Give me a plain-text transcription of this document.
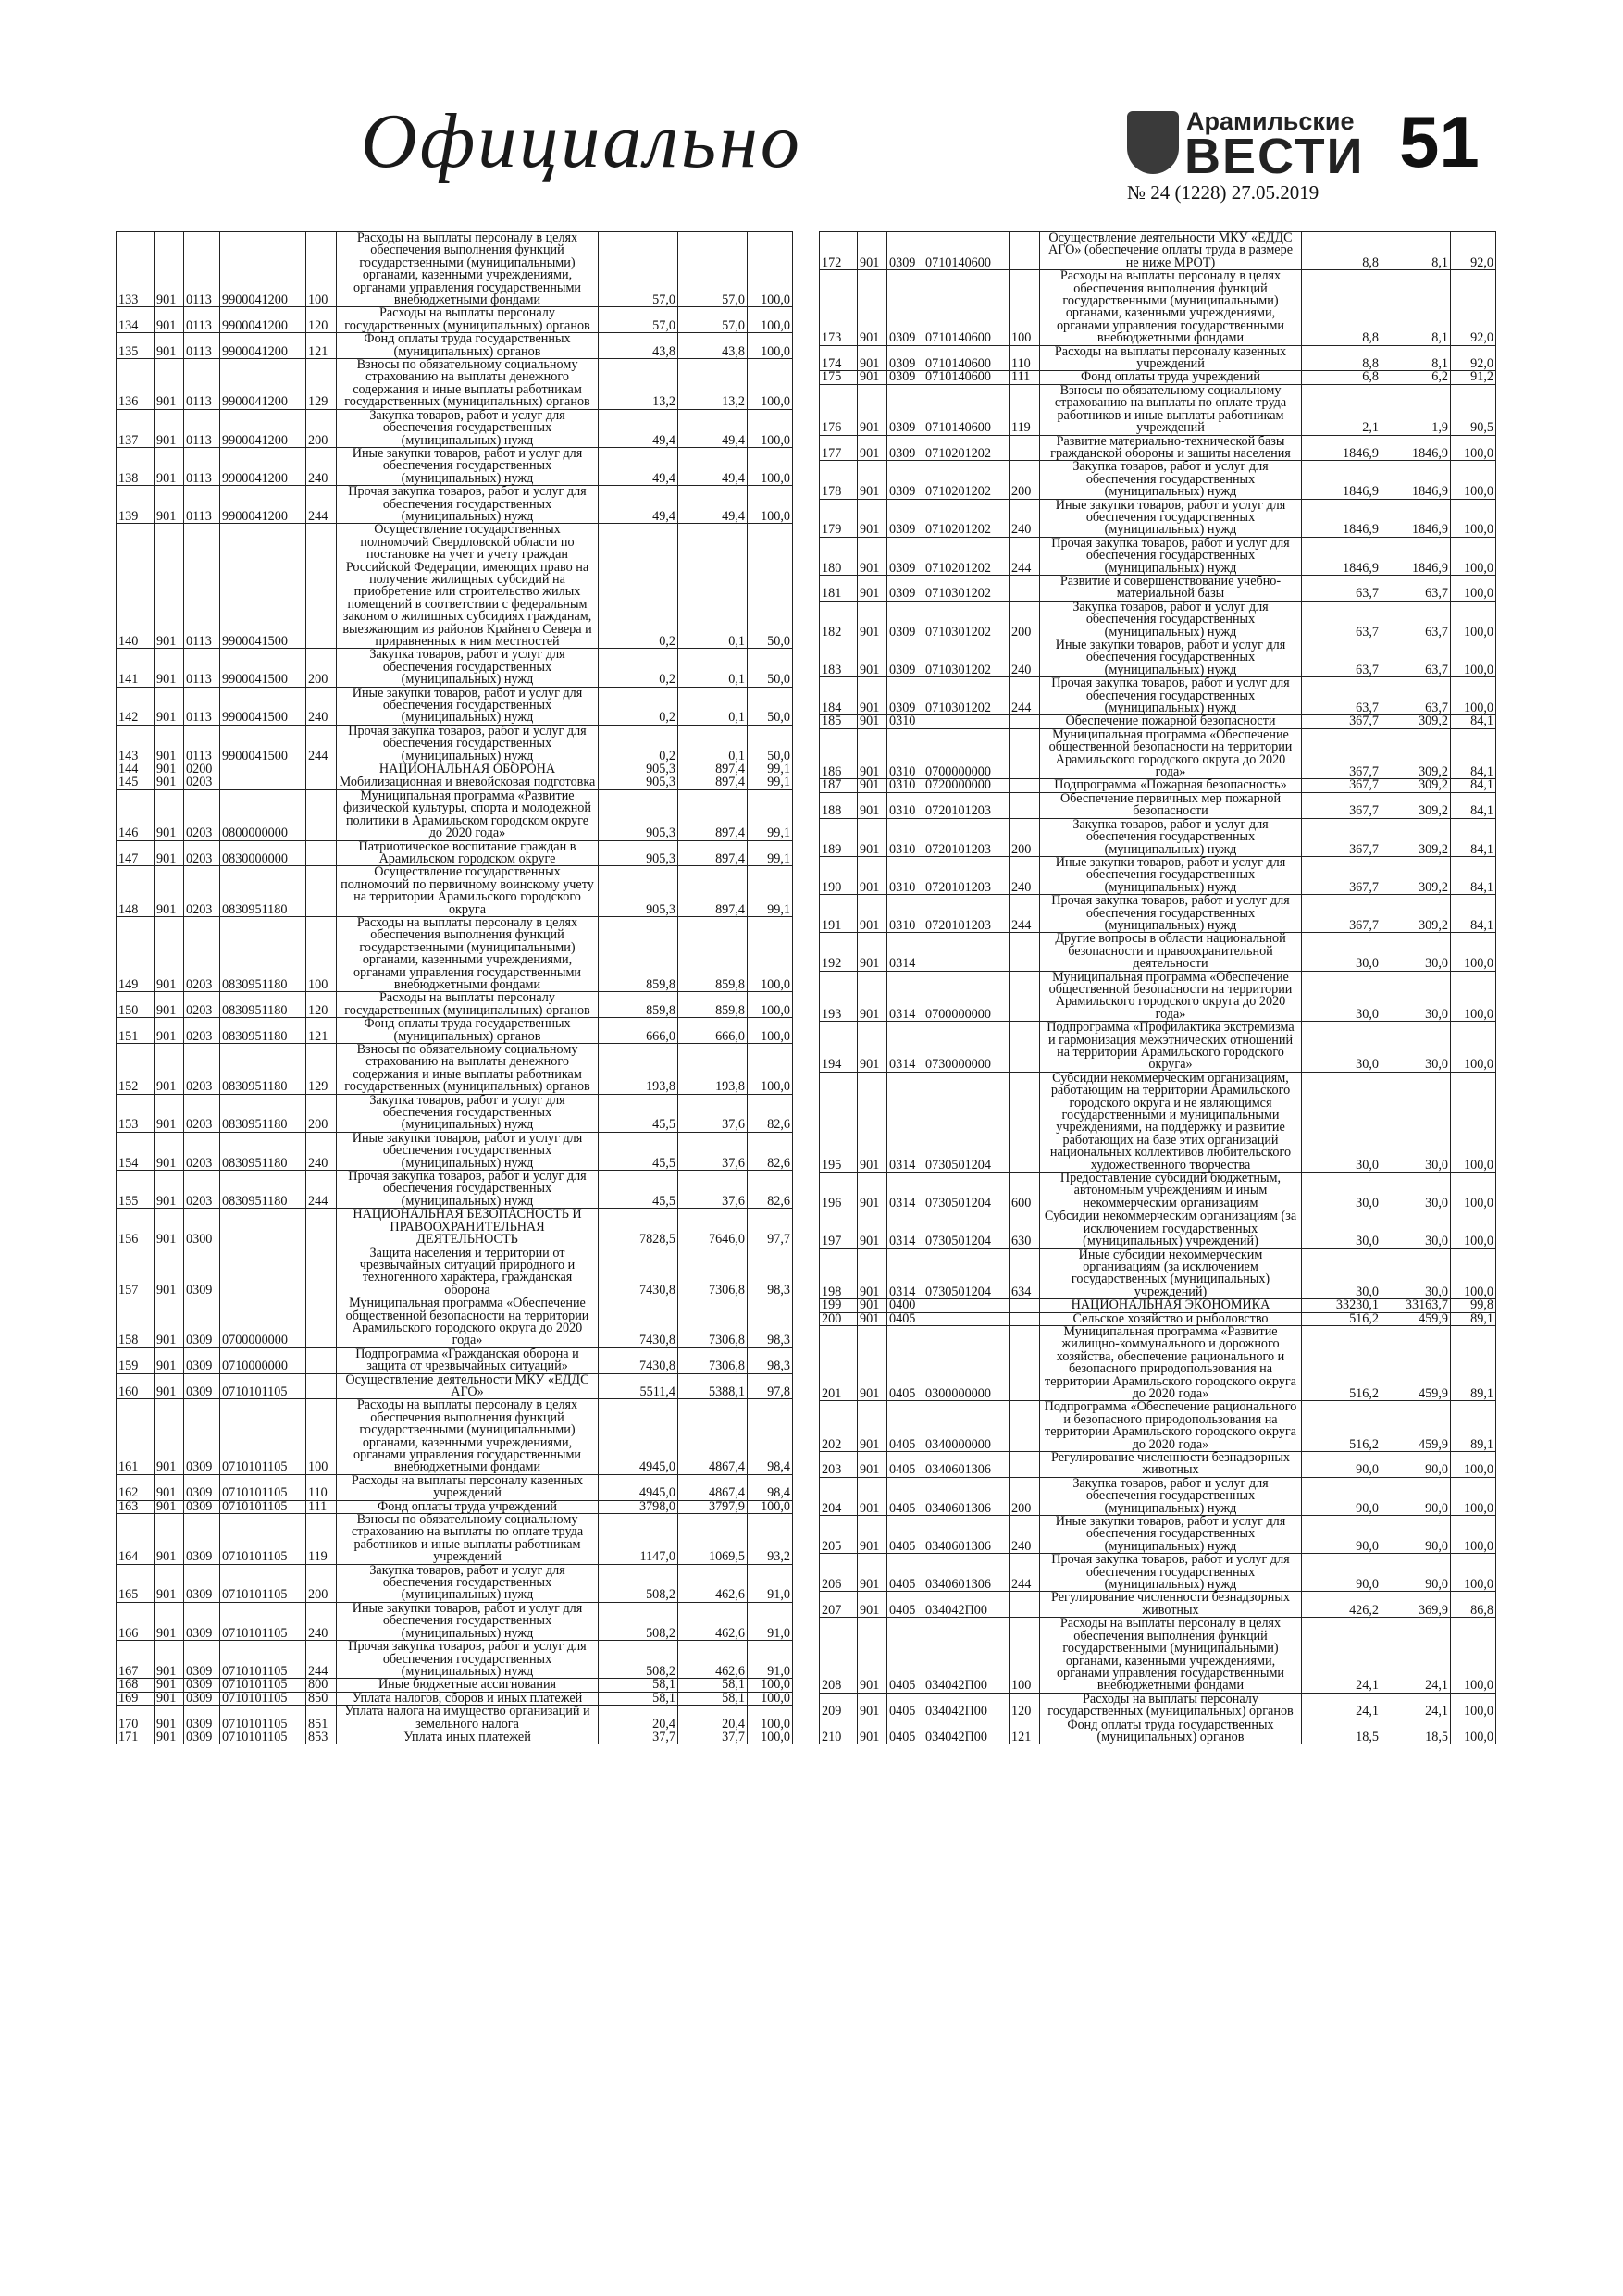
Официально	Арамильские
ВЕСТИ 51
№ 24 (1228) 27.05.2019
133	901	0113	9900041200	100	Расходы на выплаты персоналу в целях обеспечения выполнения функций государственными (муниципальными) органами, казенными учреждениями, органами управления государственными внебюджетными фондами	57,0	57,0	100,0
134	901	0113	9900041200	120	Расходы на выплаты персоналу государственных (муниципальных) органов	57,0	57,0	100,0
135	901	0113	9900041200	121	Фонд оплаты труда государственных (муниципальных) органов	43,8	43,8	100,0
136	901	0113	9900041200	129	Взносы по обязательному социальному страхованию на выплаты денежного содержания и иные выплаты работникам государственных (муниципальных) органов	13,2	13,2	100,0
137	901	0113	9900041200	200	Закупка товаров, работ и услуг для обеспечения государственных (муниципальных) нужд	49,4	49,4	100,0
138	901	0113	9900041200	240	Иные закупки товаров, работ и услуг для обеспечения государственных (муниципальных) нужд	49,4	49,4	100,0
139	901	0113	9900041200	244	Прочая закупка товаров, работ и услуг для обеспечения государственных (муниципальных) нужд	49,4	49,4	100,0
140	901	0113	9900041500		Осуществление государственных полномочий Свердловской области по постановке на учет и учету граждан Российской Федерации, имеющих право на получение жилищных субсидий на приобретение или строительство жилых помещений в соответствии с федеральным законом о жилищных субсидиях гражданам, выезжающим из районов Крайнего Севера и приравненных к ним местностей	0,2	0,1	50,0
141	901	0113	9900041500	200	Закупка товаров, работ и услуг для обеспечения государственных (муниципальных) нужд	0,2	0,1	50,0
142	901	0113	9900041500	240	Иные закупки товаров, работ и услуг для обеспечения государственных (муниципальных) нужд	0,2	0,1	50,0
143	901	0113	9900041500	244	Прочая закупка товаров, работ и услуг для обеспечения государственных (муниципальных) нужд	0,2	0,1	50,0
144	901	0200			НАЦИОНАЛЬНАЯ ОБОРОНА	905,3	897,4	99,1
145	901	0203			Мобилизационная и вневойсковая подготовка	905,3	897,4	99,1
146	901	0203	0800000000		Муниципальная программа «Развитие физической культуры, спорта и молодежной политики в Арамильском городском округе до 2020 года»	905,3	897,4	99,1
147	901	0203	0830000000		Патриотическое воспитание граждан в Арамильском городском округе	905,3	897,4	99,1
148	901	0203	0830951180		Осуществление государственных полномочий по первичному воинскому учету на территории Арамильского городского округа	905,3	897,4	99,1
149	901	0203	0830951180	100	Расходы на выплаты персоналу в целях обеспечения выполнения функций государственными (муниципальными) органами, казенными учреждениями, органами управления государственными внебюджетными фондами	859,8	859,8	100,0
150	901	0203	0830951180	120	Расходы на выплаты персоналу государственных (муниципальных) органов	859,8	859,8	100,0
151	901	0203	0830951180	121	Фонд оплаты труда государственных (муниципальных) органов	666,0	666,0	100,0
152	901	0203	0830951180	129	Взносы по обязательному социальному страхованию на выплаты денежного содержания и иные выплаты работникам государственных (муниципальных) органов	193,8	193,8	100,0
153	901	0203	0830951180	200	Закупка товаров, работ и услуг для обеспечения государственных (муниципальных) нужд	45,5	37,6	82,6
154	901	0203	0830951180	240	Иные закупки товаров, работ и услуг для обеспечения государственных (муниципальных) нужд	45,5	37,6	82,6
155	901	0203	0830951180	244	Прочая закупка товаров, работ и услуг для обеспечения государственных (муниципальных) нужд	45,5	37,6	82,6
156	901	0300			НАЦИОНАЛЬНАЯ БЕЗОПАСНОСТЬ И ПРАВООХРАНИТЕЛЬНАЯ ДЕЯТЕЛЬНОСТЬ	7828,5	7646,0	97,7
157	901	0309			Защита населения и территории от чрезвычайных ситуаций природного и техногенного характера, гражданская оборона	7430,8	7306,8	98,3
158	901	0309	0700000000		Муниципальная программа «Обеспечение общественной безопасности на территории Арамильского городского округа до 2020 года»	7430,8	7306,8	98,3
159	901	0309	0710000000		Подпрограмма «Гражданская оборона и защита от чрезвычайных ситуаций»	7430,8	7306,8	98,3
160	901	0309	0710101105		Осуществление деятельности МКУ «ЕДДС АГО»	5511,4	5388,1	97,8
161	901	0309	0710101105	100	Расходы на выплаты персоналу в целях обеспечения выполнения функций государственными (муниципальными) органами, казенными учреждениями, органами управления государственными внебюджетными фондами	4945,0	4867,4	98,4
162	901	0309	0710101105	110	Расходы на выплаты персоналу казенных учреждений	4945,0	4867,4	98,4
163	901	0309	0710101105	111	Фонд оплаты труда учреждений	3798,0	3797,9	100,0
164	901	0309	0710101105	119	Взносы по обязательному социальному страхованию на выплаты по оплате труда работников и иные выплаты работникам учреждений	1147,0	1069,5	93,2
165	901	0309	0710101105	200	Закупка товаров, работ и услуг для обеспечения государственных (муниципальных) нужд	508,2	462,6	91,0
166	901	0309	0710101105	240	Иные закупки товаров, работ и услуг для обеспечения государственных (муниципальных) нужд	508,2	462,6	91,0
167	901	0309	0710101105	244	Прочая закупка товаров, работ и услуг для обеспечения государственных (муниципальных) нужд	508,2	462,6	91,0
168	901	0309	0710101105	800	Иные бюджетные ассигнования	58,1	58,1	100,0
169	901	0309	0710101105	850	Уплата налогов, сборов и иных платежей	58,1	58,1	100,0
170	901	0309	0710101105	851	Уплата налога на имущество организаций и земельного налога	20,4	20,4	100,0
171	901	0309	0710101105	853	Уплата иных платежей	37,7	37,7	100,0
172	901	0309	0710140600		Осуществление деятельности МКУ «ЕДДС АГО» (обеспечение оплаты труда в размере не ниже МРОТ)	8,8	8,1	92,0
173	901	0309	0710140600	100	Расходы на выплаты персоналу в целях обеспечения выполнения функций государственными (муниципальными) органами, казенными учреждениями, органами управления государственными внебюджетными фондами	8,8	8,1	92,0
174	901	0309	0710140600	110	Расходы на выплаты персоналу казенных учреждений	8,8	8,1	92,0
175	901	0309	0710140600	111	Фонд оплаты труда учреждений	6,8	6,2	91,2
176	901	0309	0710140600	119	Взносы по обязательному социальному страхованию на выплаты по оплате труда работников и иные выплаты работникам учреждений	2,1	1,9	90,5
177	901	0309	0710201202		Развитие материально-технической базы гражданской обороны и защиты населения	1846,9	1846,9	100,0
178	901	0309	0710201202	200	Закупка товаров, работ и услуг для обеспечения государственных (муниципальных) нужд	1846,9	1846,9	100,0
179	901	0309	0710201202	240	Иные закупки товаров, работ и услуг для обеспечения государственных (муниципальных) нужд	1846,9	1846,9	100,0
180	901	0309	0710201202	244	Прочая закупка товаров, работ и услуг для обеспечения государственных (муниципальных) нужд	1846,9	1846,9	100,0
181	901	0309	0710301202		Развитие и совершенствование учебно-материальной базы	63,7	63,7	100,0
182	901	0309	0710301202	200	Закупка товаров, работ и услуг для обеспечения государственных (муниципальных) нужд	63,7	63,7	100,0
183	901	0309	0710301202	240	Иные закупки товаров, работ и услуг для обеспечения государственных (муниципальных) нужд	63,7	63,7	100,0
184	901	0309	0710301202	244	Прочая закупка товаров, работ и услуг для обеспечения государственных (муниципальных) нужд	63,7	63,7	100,0
185	901	0310			Обеспечение пожарной безопасности	367,7	309,2	84,1
186	901	0310	0700000000		Муниципальная программа «Обеспечение общественной безопасности на территории Арамильского городского округа до 2020 года»	367,7	309,2	84,1
187	901	0310	0720000000		Подпрограмма «Пожарная безопасность»	367,7	309,2	84,1
188	901	0310	0720101203		Обеспечение первичных мер пожарной безопасности	367,7	309,2	84,1
189	901	0310	0720101203	200	Закупка товаров, работ и услуг для обеспечения государственных (муниципальных) нужд	367,7	309,2	84,1
190	901	0310	0720101203	240	Иные закупки товаров, работ и услуг для обеспечения государственных (муниципальных) нужд	367,7	309,2	84,1
191	901	0310	0720101203	244	Прочая закупка товаров, работ и услуг для обеспечения государственных (муниципальных) нужд	367,7	309,2	84,1
192	901	0314			Другие вопросы в области национальной безопасности и правоохранительной деятельности	30,0	30,0	100,0
193	901	0314	0700000000		Муниципальная программа «Обеспечение общественной безопасности на территории Арамильского городского округа до 2020 года»	30,0	30,0	100,0
194	901	0314	0730000000		Подпрограмма «Профилактика экстремизма и гармонизация межэтнических отношений на территории Арамильского городского округа»	30,0	30,0	100,0
195	901	0314	0730501204		Субсидии некоммерческим организациям, работающим на территории Арамильского городского округа и не являющимся государственными и муниципальными учреждениями, на поддержку и развитие работающих на базе этих организаций национальных коллективов любительского художественного творчества	30,0	30,0	100,0
196	901	0314	0730501204	600	Предоставление субсидий бюджетным, автономным учреждениям и иным некоммерческим организациям	30,0	30,0	100,0
197	901	0314	0730501204	630	Субсидии некоммерческим организациям (за исключением государственных (муниципальных) учреждений)	30,0	30,0	100,0
198	901	0314	0730501204	634	Иные субсидии некоммерческим организациям (за исключением государственных (муниципальных) учреждений)	30,0	30,0	100,0
199	901	0400			НАЦИОНАЛЬНАЯ ЭКОНОМИКА	33230,1	33163,7	99,8
200	901	0405			Сельское хозяйство и рыболовство	516,2	459,9	89,1
201	901	0405	0300000000		Муниципальная программа «Развитие жилищно-коммунального и дорожного хозяйства, обеспечение рационального и безопасного природопользования на территории Арамильского городского округа до 2020 года»	516,2	459,9	89,1
202	901	0405	0340000000		Подпрограмма «Обеспечение рационального и безопасного природопользования на территории Арамильского городского округа до 2020 года»	516,2	459,9	89,1
203	901	0405	0340601306		Регулирование численности безнадзорных животных	90,0	90,0	100,0
204	901	0405	0340601306	200	Закупка товаров, работ и услуг для обеспечения государственных (муниципальных) нужд	90,0	90,0	100,0
205	901	0405	0340601306	240	Иные закупки товаров, работ и услуг для обеспечения государственных (муниципальных) нужд	90,0	90,0	100,0
206	901	0405	0340601306	244	Прочая закупка товаров, работ и услуг для обеспечения государственных (муниципальных) нужд	90,0	90,0	100,0
207	901	0405	034042П00		Регулирование численности безнадзорных животных	426,2	369,9	86,8
208	901	0405	034042П00	100	Расходы на выплаты персоналу в целях обеспечения выполнения функций государственными (муниципальными) органами, казенными учреждениями, органами управления государственными внебюджетными фондами	24,1	24,1	100,0
209	901	0405	034042П00	120	Расходы на выплаты персоналу государственных (муниципальных) органов	24,1	24,1	100,0
210	901	0405	034042П00	121	Фонд оплаты труда государственных (муниципальных) органов	18,5	18,5	100,0
